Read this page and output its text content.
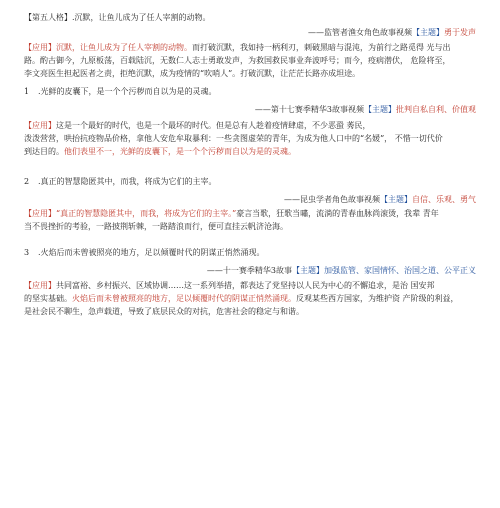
【第五人格】.沉默，让鱼儿成为了任人宰割的动物。
——监管者渔女角色故事视频【主题】勇于发声
【应用】沉默，让鱼儿成为了任人宰割的动物。而打破沉默，我如持一柄利刃，刺破黑暗与混沌，为前行之路觅得 光与出
路。酌古御今，九原板荡，百载陆沉，无数仁人志士勇敢发声，为救国救民事业奔波呼号；而今，疫病潜伏， 危险将至，
李文亮医生担起医者之责，拒绝沉默，成为疫情的“吹哨人”。打破沉默，让茫茫长路亦成坦途。
1 .光鲜的皮囊下，是一个个污秽而自以为是的灵魂。
——第十七赛季精华3故事视频【主题】批判自私自利、价值观
【应用】这是一个最好的时代，也是一个最坏的时代。但是总有人趁着疫情肆虐，不少恶蛩 莠民，
泼泼营营，哄抬抗疫物品价格，拿他人安危牟取暴利：一些贪图虚荣的青年，为成为他人口中的“名媛”， 不惜一切代价
到达目的。他们表里不一，光鲜的皮囊下，是一个个污秽而自以为是的灵魂。
2 .真正的智慧隐匿其中，而我，将成为它们的主宰。
——昆虫学者角色故事视频【主题】自信、乐观、勇气
【应用】“真正的智慧隐匿其中，而我，将成为它们的主宰。”豪言当歌，狂歌当嘯，流淌的青春血脉尚滚烫，我辈 青年
当不畏挫折的考验，一路披荆斩棘，一路踏浪而行，便可直挂云帆济沧海。
3 .火焰后而未曾被照亮的地方，足以倾覆时代的阴谋正悄然涌现。
——十一赛季精华3故事【主题】加强监管、家国情怀、治国之道、公平正义
【应用】共同富裕、乡村振兴、区域协调……这一系列举措，都表达了党坚持以人民为中心的不懈追求，是治 国安邦
的坚实基础。火焰后而未曾被照亮的地方，足以倾覆时代的阴谋正悄然涌现。反观某些西方国家，为维护资 产阶级的利益，
是社会民不聊生，急声载道，导致了底层民众的对抗，危害社会的稳定与和谐。
